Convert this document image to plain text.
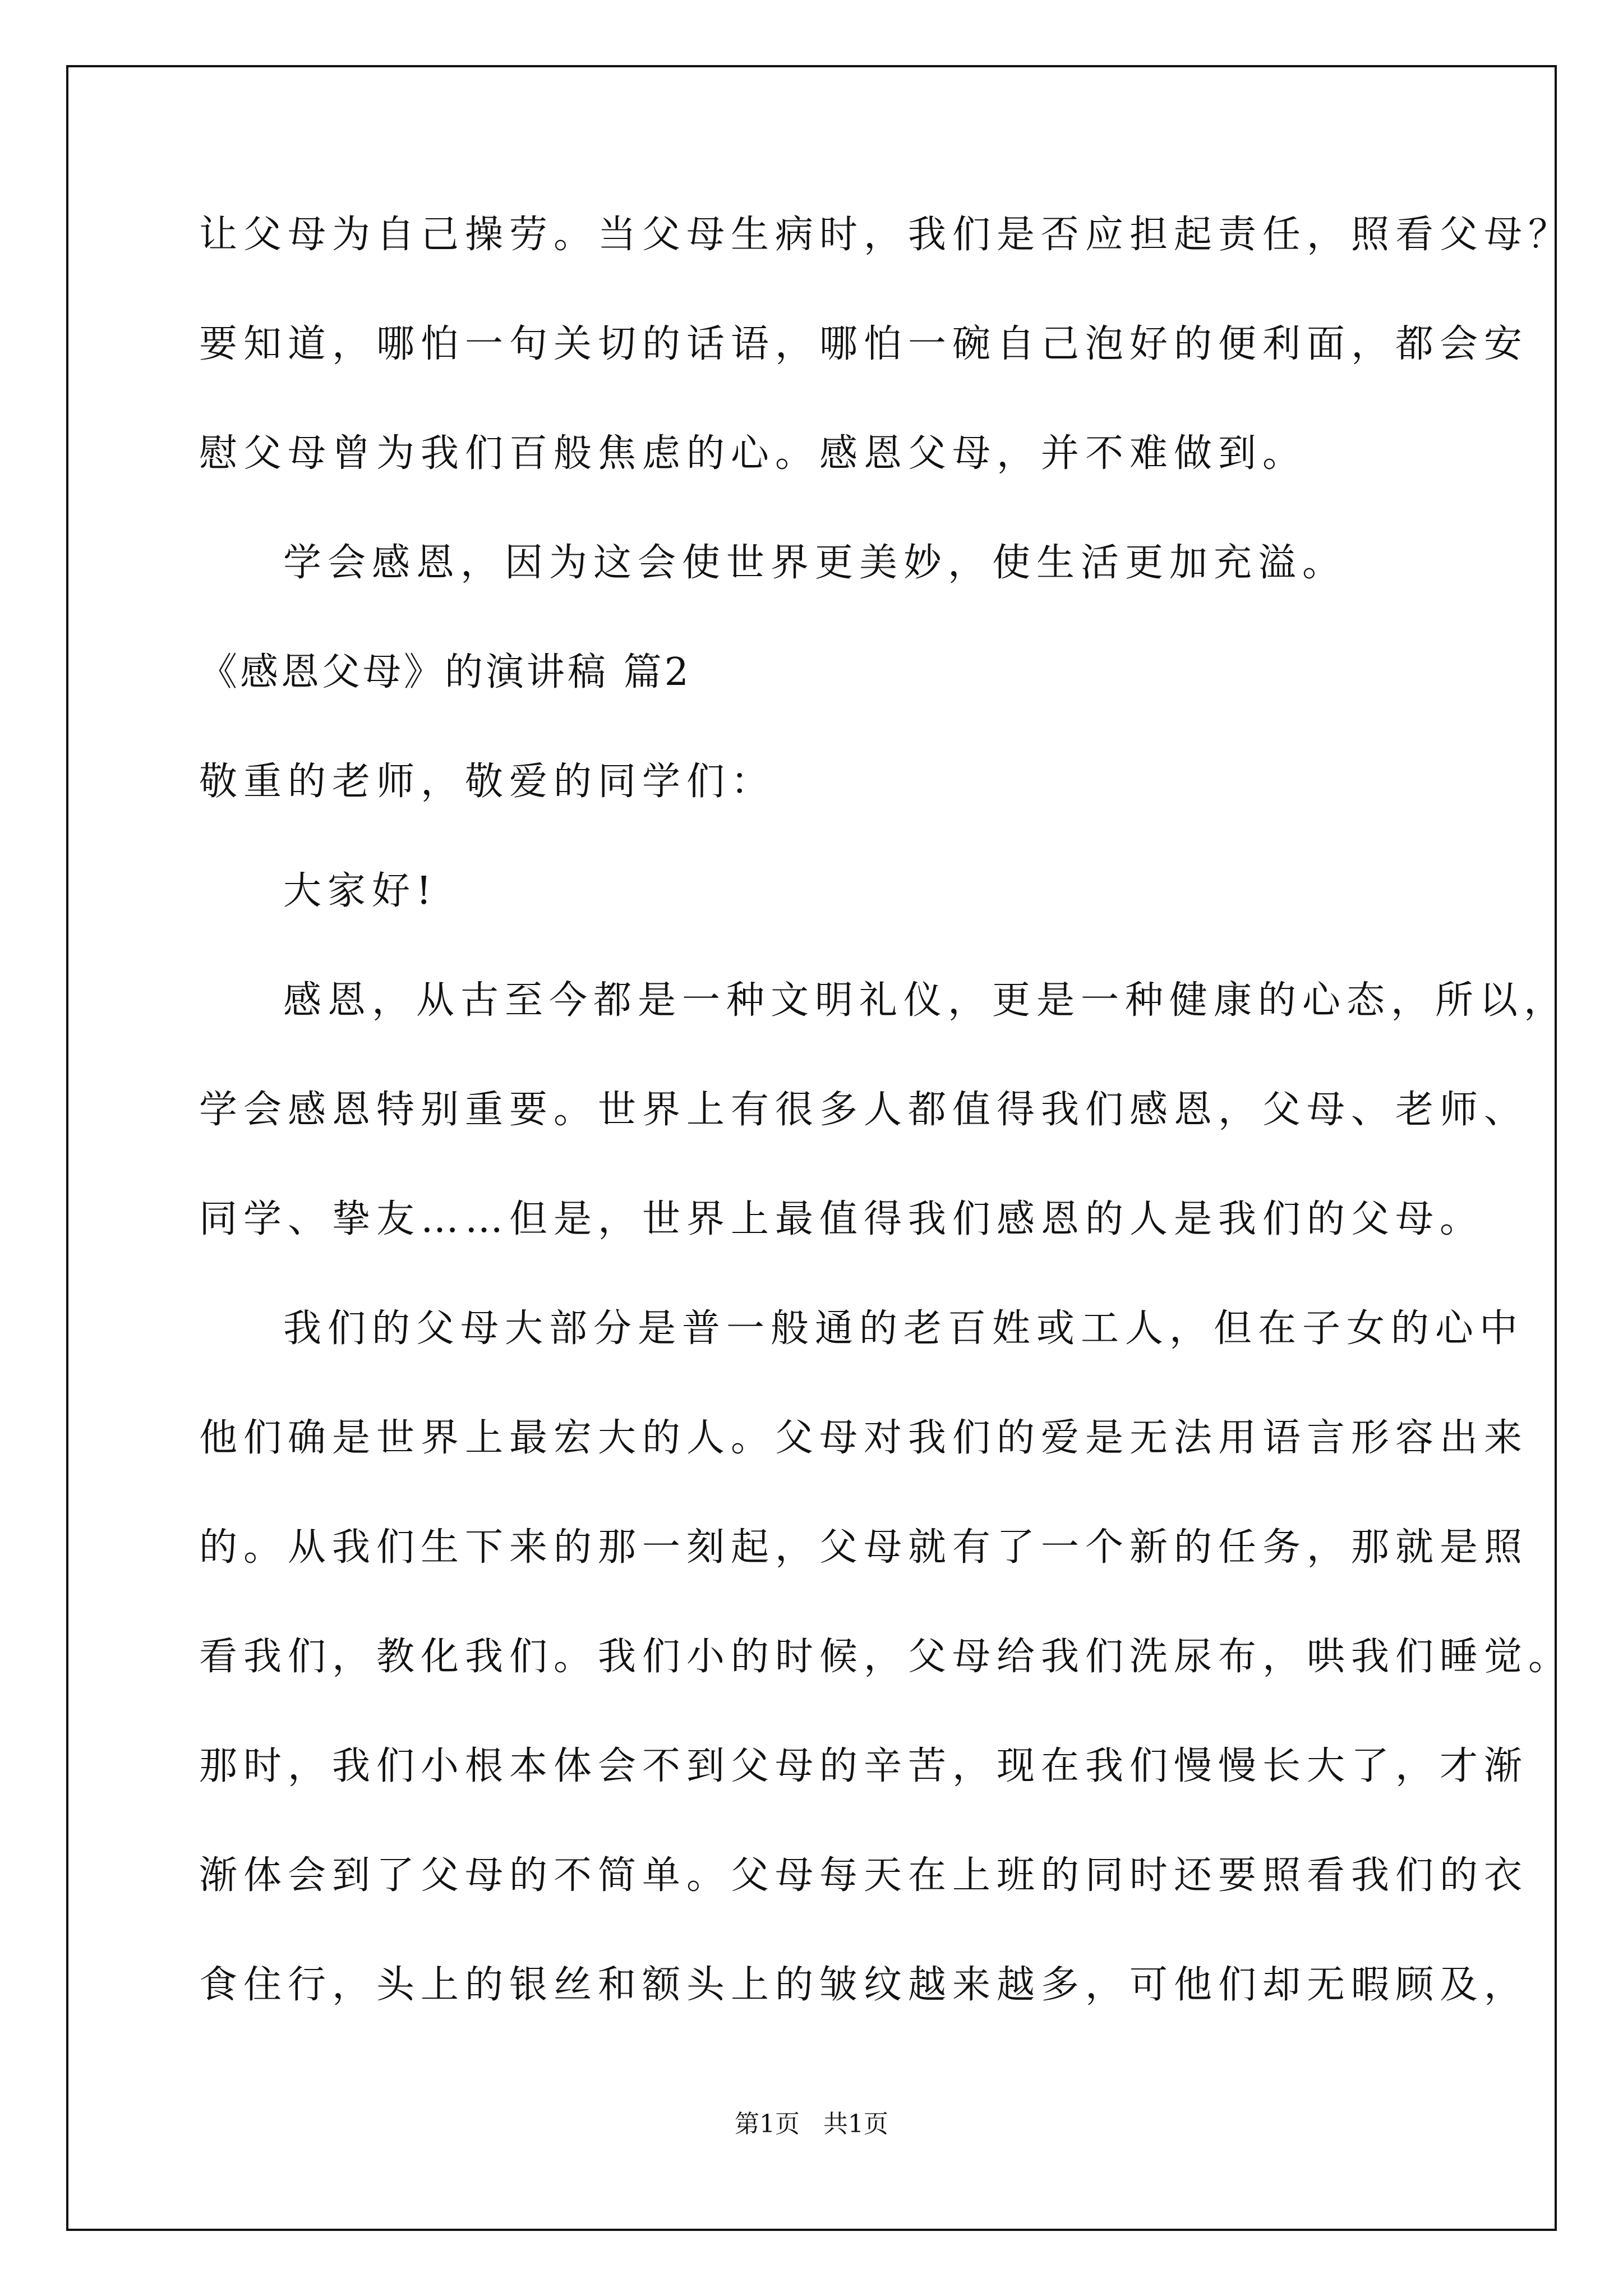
让父母为自己操劳。当父母生病时，我们是否应担起责任，照看父母？
要知道，哪怕一句关切的话语，哪怕一碗自己泡好的便利面，都会安
慰父母曾为我们百般焦虑的心。感恩父母，并不难做到。
学会感恩，因为这会使世界更美妙，使生活更加充溢。
《感恩父母》的演讲稿 篇2
敬重的老师，敬爱的同学们：
大家好!
感恩，从古至今都是一种文明礼仪，更是一种健康的心态，所以，
学会感恩特别重要。世界上有很多人都值得我们感恩，父母、老师、
同学、挚友……但是，世界上最值得我们感恩的人是我们的父母。
我们的父母大部分是普一般通的老百姓或工人，但在子女的心中
他们确是世界上最宏大的人。父母对我们的爱是无法用语言形容出来
的。从我们生下来的那一刻起，父母就有了一个新的任务，那就是照
看我们，教化我们。我们小的时候，父母给我们洗尿布，哄我们睡觉。
那时，我们小根本体会不到父母的辛苦，现在我们慢慢长大了，才渐
渐体会到了父母的不简单。父母每天在上班的同时还要照看我们的衣
食住行，头上的银丝和额头上的皱纹越来越多，可他们却无暇顾及，
第1页   共1页
